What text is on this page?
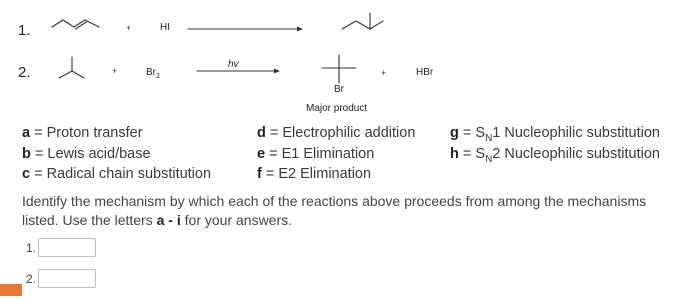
1.
2.
+	HI
+	$Br_2$
hv
Br
+	HBr
Major product
a = Proton transfer
b = Lewis acid/base
c = Radical chain substitution
d = Electrophilic addition
e = E1 Elimination
f = E2 Elimination
$g = S_N1$ Nucleophilic substitution
$h = S_N2$ Nucleophilic substitution
Identify the mechanism by which each of the reactions above proceeds from among the mechanisms
listed. Use the letters a - i for your answers.
1.
2.
